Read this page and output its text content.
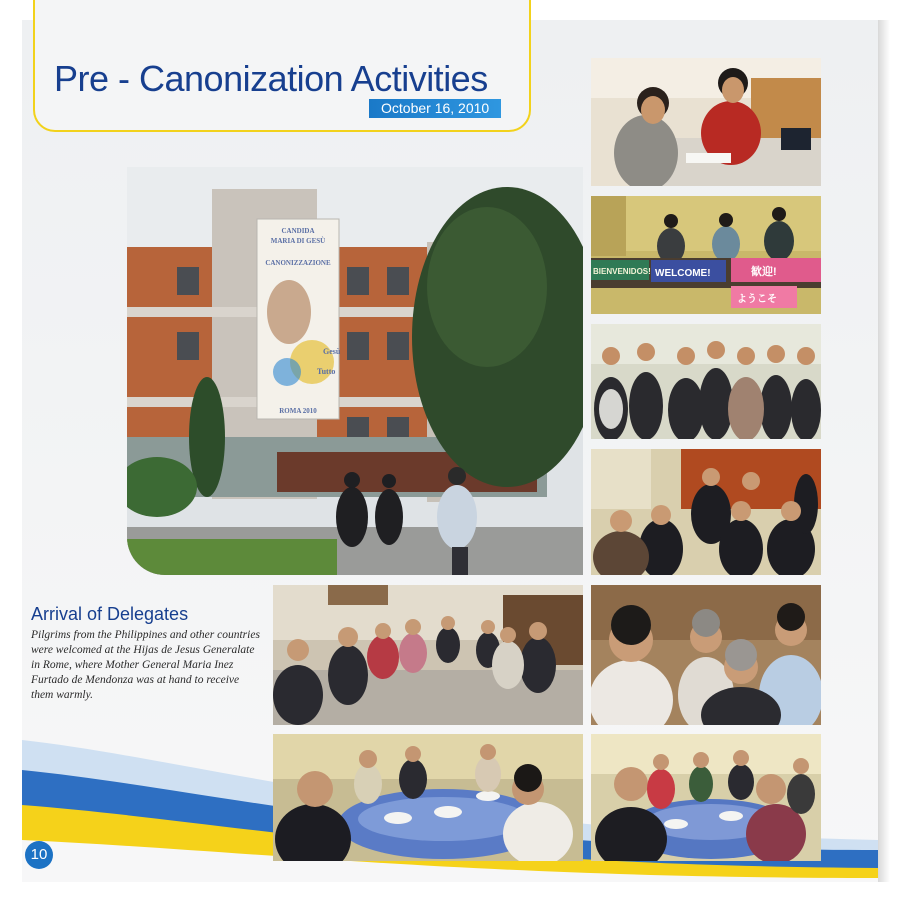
Pre - Canonization Activities
October 16, 2010
CANDIDA
MARIA DI GESÙ
CANONIZZAZIONE
Gesù
Tutto
ROMA 2010
BIENVENIDOS! WELCOME!	歓迎!
ようこそ
Arrival of Delegates

Pilgrims from the Philippines and other countries were welcomed at the Hijas de Jesus Generalate in Rome, where Mother General Maria Inez Furtado de Mendonza was at hand to receive them warmly.

10
